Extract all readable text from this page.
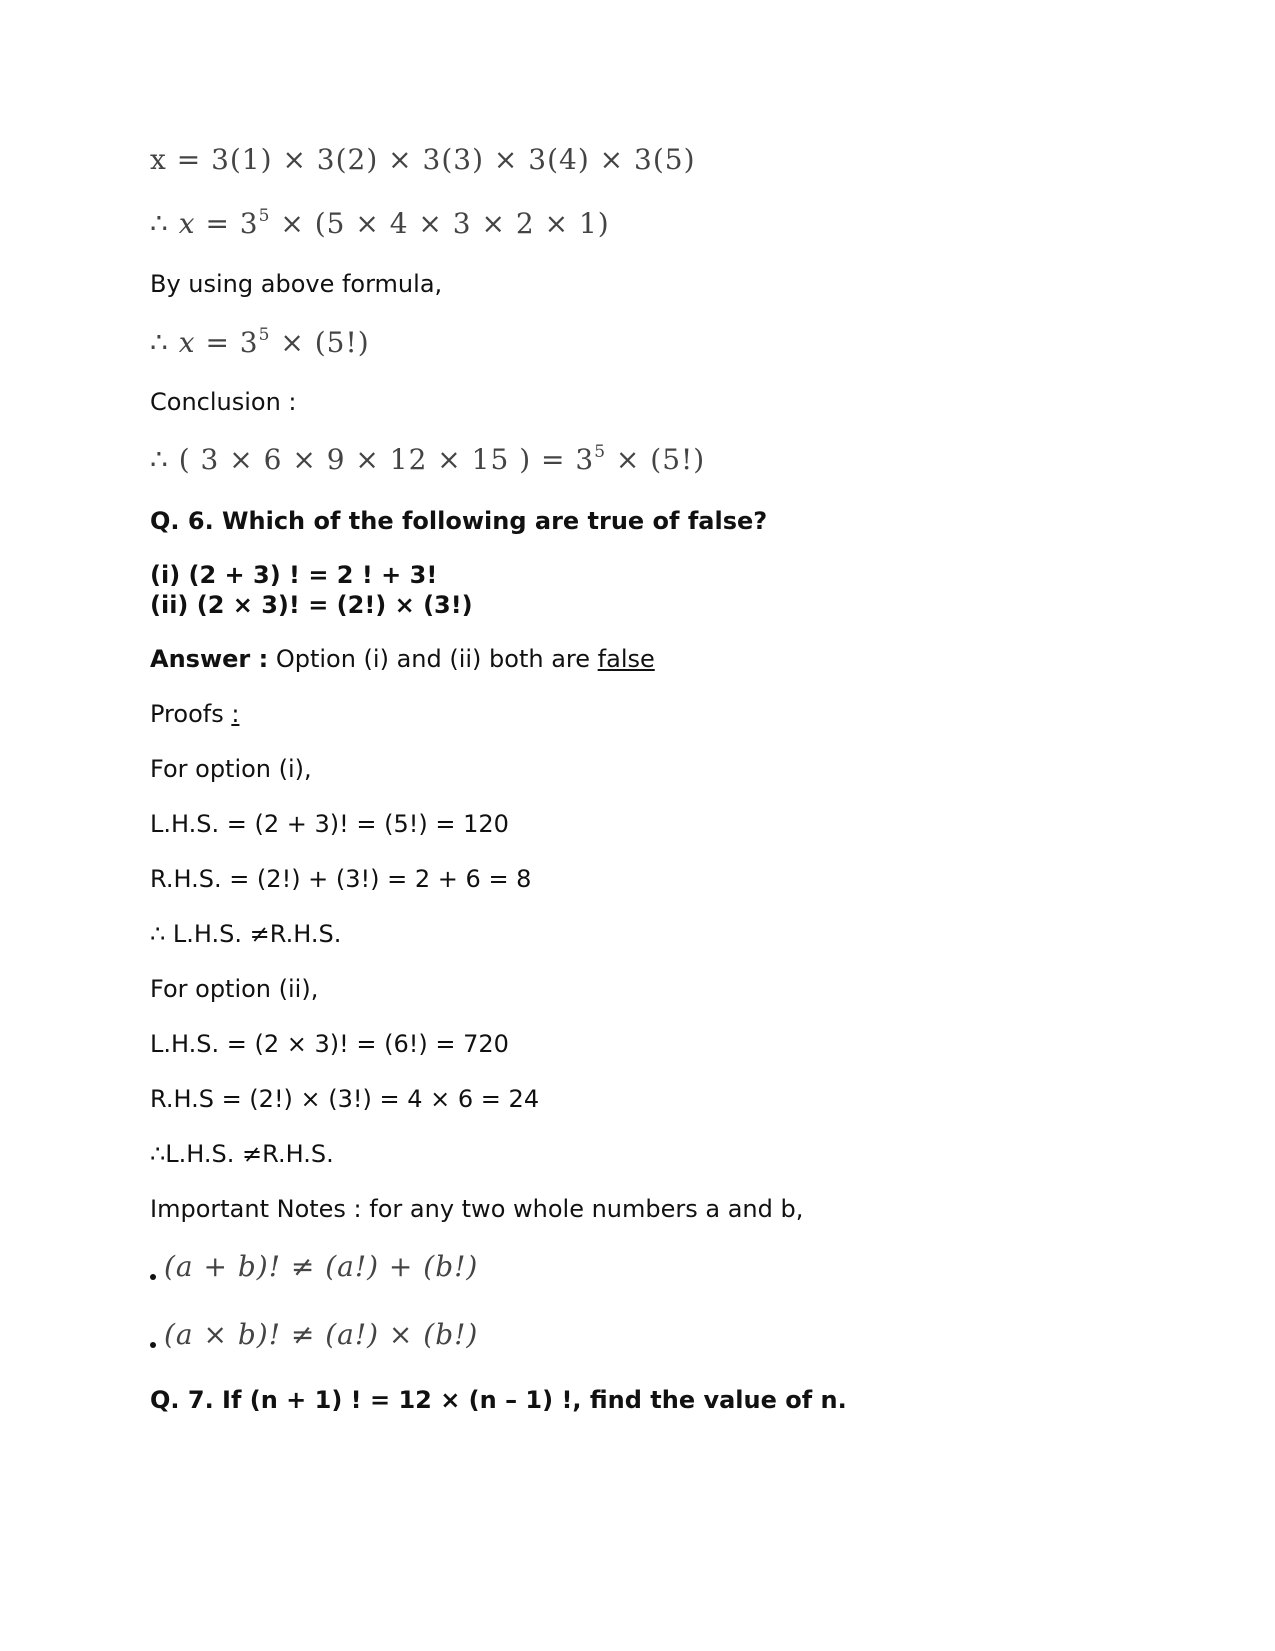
x = 3(1) × 3(2) × 3(3) × 3(4) × 3(5)
∴ $x = 3^5 \times (5 \times 4 \times 3 \times 2 \times 1)$
By using above formula,
∴ $x = 3^5 \times (5!)$
Conclusion :
∴ ( 3 × 6 × 9 × 12 × 15 ) = $3^5 \times (5!)$
Q. 6. Which of the following are true of false?
(i) (2 + 3) ! = 2 ! + 3!
(ii) (2 × 3)! = (2!) × (3!)
Answer : Option (i) and (ii) both are false
Proofs :
For option (i),
L.H.S. = (2 + 3)! = (5!) = 120
R.H.S. = (2!) + (3!) = 2 + 6 = 8
∴ L.H.S. ≠R.H.S.
For option (ii),
L.H.S. = (2 × 3)! = (6!) = 720
R.H.S = (2!) × (3!) = 4 × 6 = 24
∴L.H.S. ≠R.H.S.
Important Notes : for any two whole numbers a and b,
(a + b)! ≠ (a!) + (b!)
(a × b)! ≠ (a!) × (b!)
Q. 7. If (n + 1) ! = 12 × (n – 1) !, find the value of n.
